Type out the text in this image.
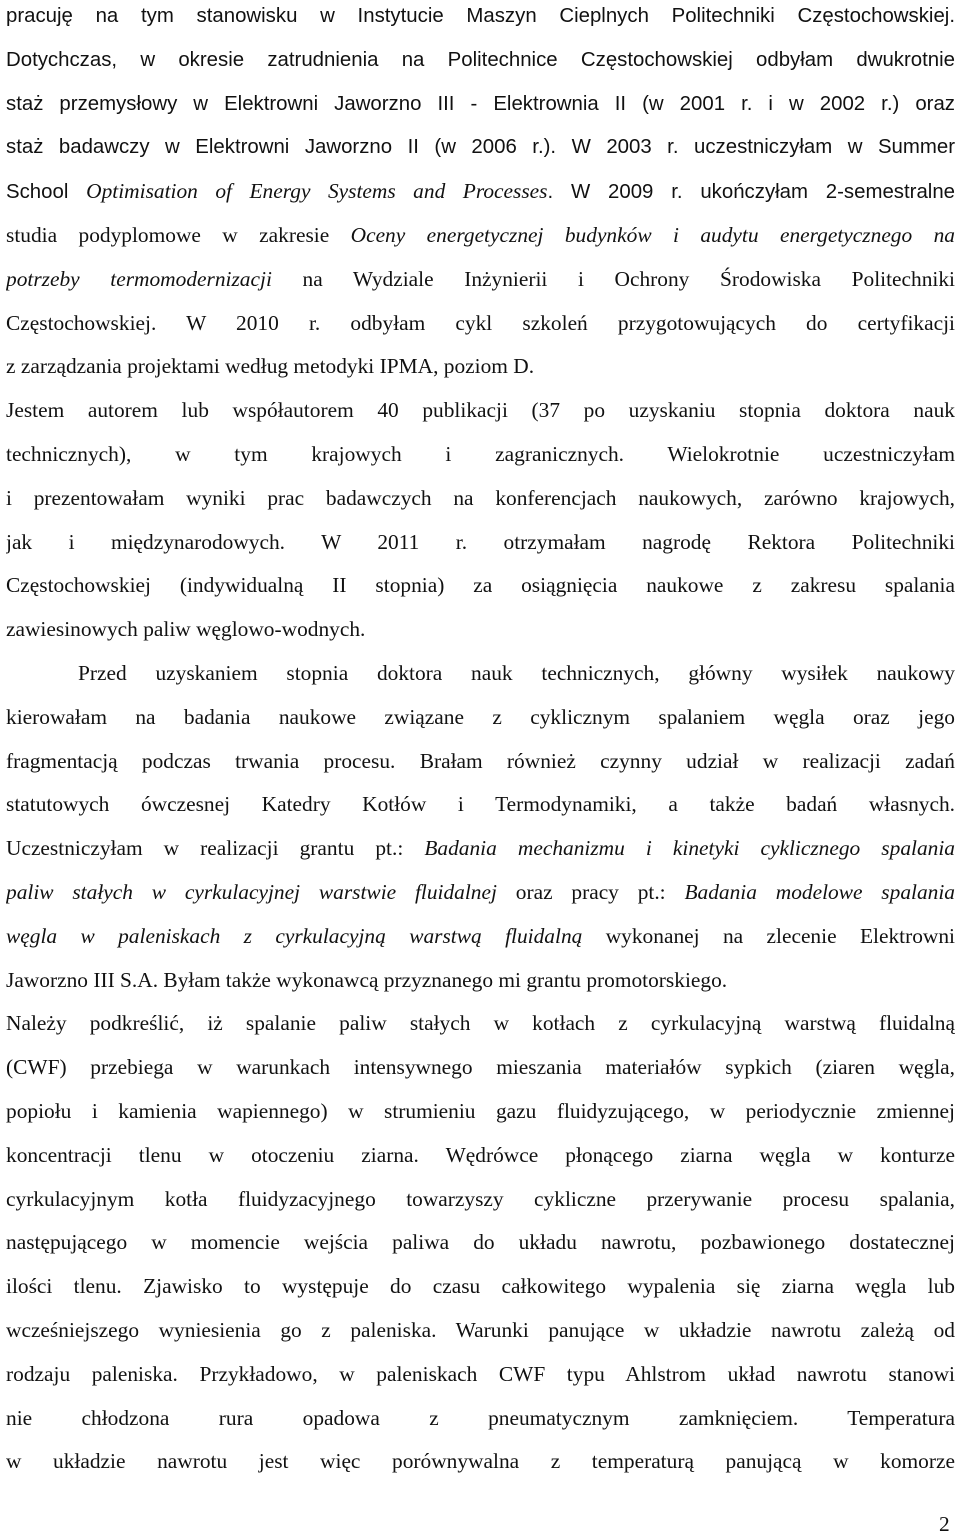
pracuję na tym stanowisku w Instytucie Maszyn Cieplnych Politechniki Częstochowskiej.
Dotychczas, w okresie zatrudnienia na Politechnice Częstochowskiej odbyłam dwukrotnie
staż przemysłowy w Elektrowni Jaworzno III - Elektrownia II (w 2001 r. i w 2002 r.) oraz
staż badawczy w Elektrowni Jaworzno II (w 2006 r.). W 2003 r. uczestniczyłam w Summer
School Optimisation of Energy Systems and Processes. W 2009 r. ukończyłam 2-semestralne
studia podyplomowe w zakresie Oceny energetycznej budynków i audytu energetycznego na
potrzeby termomodernizacji na Wydziale Inżynierii i Ochrony Środowiska Politechniki
Częstochowskiej. W 2010 r. odbyłam cykl szkoleń przygotowujących do certyfikacji
z zarządzania projektami według metodyki IPMA, poziom D.
Jestem autorem lub współautorem 40 publikacji (37 po uzyskaniu stopnia doktora nauk
technicznych), w tym krajowych i zagranicznych. Wielokrotnie uczestniczyłam
i prezentowałam wyniki prac badawczych na konferencjach naukowych, zarówno krajowych,
jak i międzynarodowych. W 2011 r. otrzymałam nagrodę Rektora Politechniki
Częstochowskiej (indywidualną II stopnia) za osiągnięcia naukowe z zakresu spalania
zawiesinowych paliw węglowo-wodnych.
Przed uzyskaniem stopnia doktora nauk technicznych, główny wysiłek naukowy
kierowałam na badania naukowe związane z cyklicznym spalaniem węgla oraz jego
fragmentacją podczas trwania procesu. Brałam również czynny udział w realizacji zadań
statutowych ówczesnej Katedry Kotłów i Termodynamiki, a także badań własnych.
Uczestniczyłam w realizacji grantu pt.: Badania mechanizmu i kinetyki cyklicznego spalania
paliw stałych w cyrkulacyjnej warstwie fluidalnej oraz pracy pt.: Badania modelowe spalania
węgla w paleniskach z cyrkulacyjną warstwą fluidalną wykonanej na zlecenie Elektrowni
Jaworzno III S.A. Byłam także wykonawcą przyznanego mi grantu promotorskiego.
Należy podkreślić, iż spalanie paliw stałych w kotłach z cyrkulacyjną warstwą fluidalną
(CWF) przebiega w warunkach intensywnego mieszania materiałów sypkich (ziaren węgla,
popiołu i kamienia wapiennego) w strumieniu gazu fluidyzującego, w periodycznie zmiennej
koncentracji tlenu w otoczeniu ziarna. Wędrówce płonącego ziarna węgla w konturze
cyrkulacyjnym kotła fluidyzacyjnego towarzyszy cykliczne przerywanie procesu spalania,
następującego w momencie wejścia paliwa do układu nawrotu, pozbawionego dostatecznej
ilości tlenu. Zjawisko to występuje do czasu całkowitego wypalenia się ziarna węgla lub
wcześniejszego wyniesienia go z paleniska. Warunki panujące w układzie nawrotu zależą od
rodzaju paleniska. Przykładowo, w paleniskach CWF typu Ahlstrom układ nawrotu stanowi
nie chłodzona rura opadowa z pneumatycznym zamknięciem. Temperatura
w układzie nawrotu jest więc porównywalna z temperaturą panującą w komorze
2
